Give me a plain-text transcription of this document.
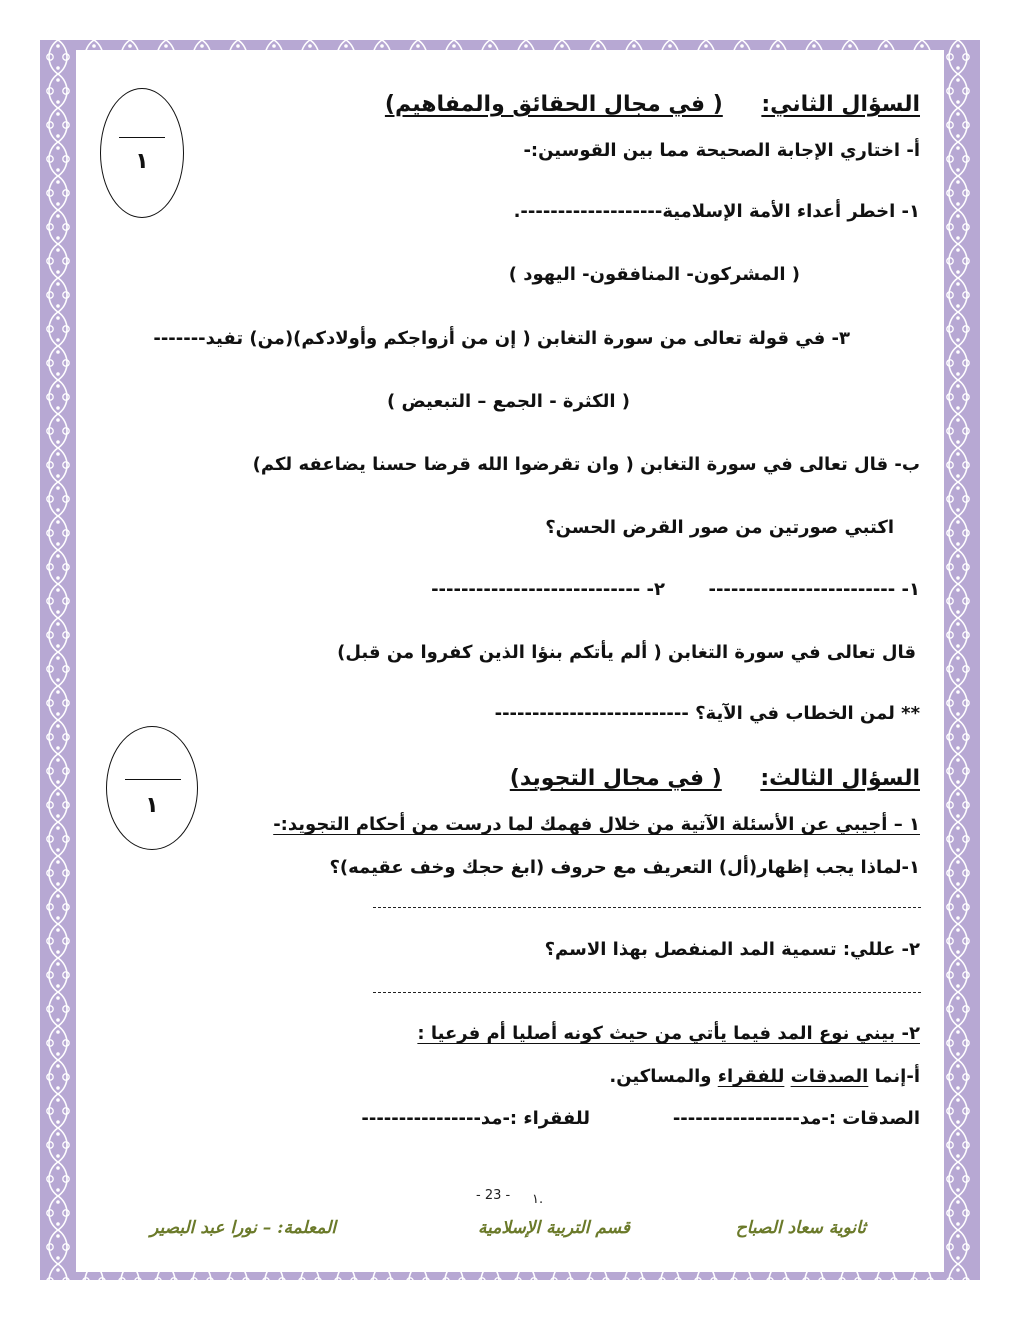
السؤال الثاني:  ( في مجال الحقائق والمفاهيم)
١	أ- اختاري الإجابة الصحيحة مما بين القوسين:-
١- اخطر أعداء الأمة الإسلامية-------------------.
( المشركون- المنافقون- اليهود )
٣- في قولة تعالى من سورة التغابن ( إن من أزواجكم وأولادكم)(من) تفيد-------
( الكثرة - الجمع – التبعيض )
ب- قال تعالى في سورة التغابن ( وان تقرضوا الله قرضا حسنا يضاعفه لكم)
اكتبي صورتين من صور القرض الحسن؟
١- -------------------------
٢- ----------------------------
قال تعالى في سورة التغابن ( ألم يأتكم بنؤا الذين كفروا من قبل)
** لمن الخطاب في الآية؟ --------------------------
السؤال الثالث:  ( في مجال التجويد)
١
١ – أجيبي عن الأسئلة الآتية من خلال فهمك لما درست من أحكام التجويد:-
١-لماذا يجب إظهار(أل) التعريف مع حروف (ابغ حجك وخف عقيمه)؟
٢- عللي: تسمية المد المنفصل بهذا الاسم؟
٢- بيني نوع المد فيما يأتي من حيث كونه أصليا أم فرعيا :
أ-إنما الصدقات للفقراء والمساكين.
الصدقات :-مد-----------------
للفقراء :-مد----------------
- 23 - ١.
ثانوية سعاد الصباح
قسم التربية الإسلامية
المعلمة: – نورا عبد البصير
